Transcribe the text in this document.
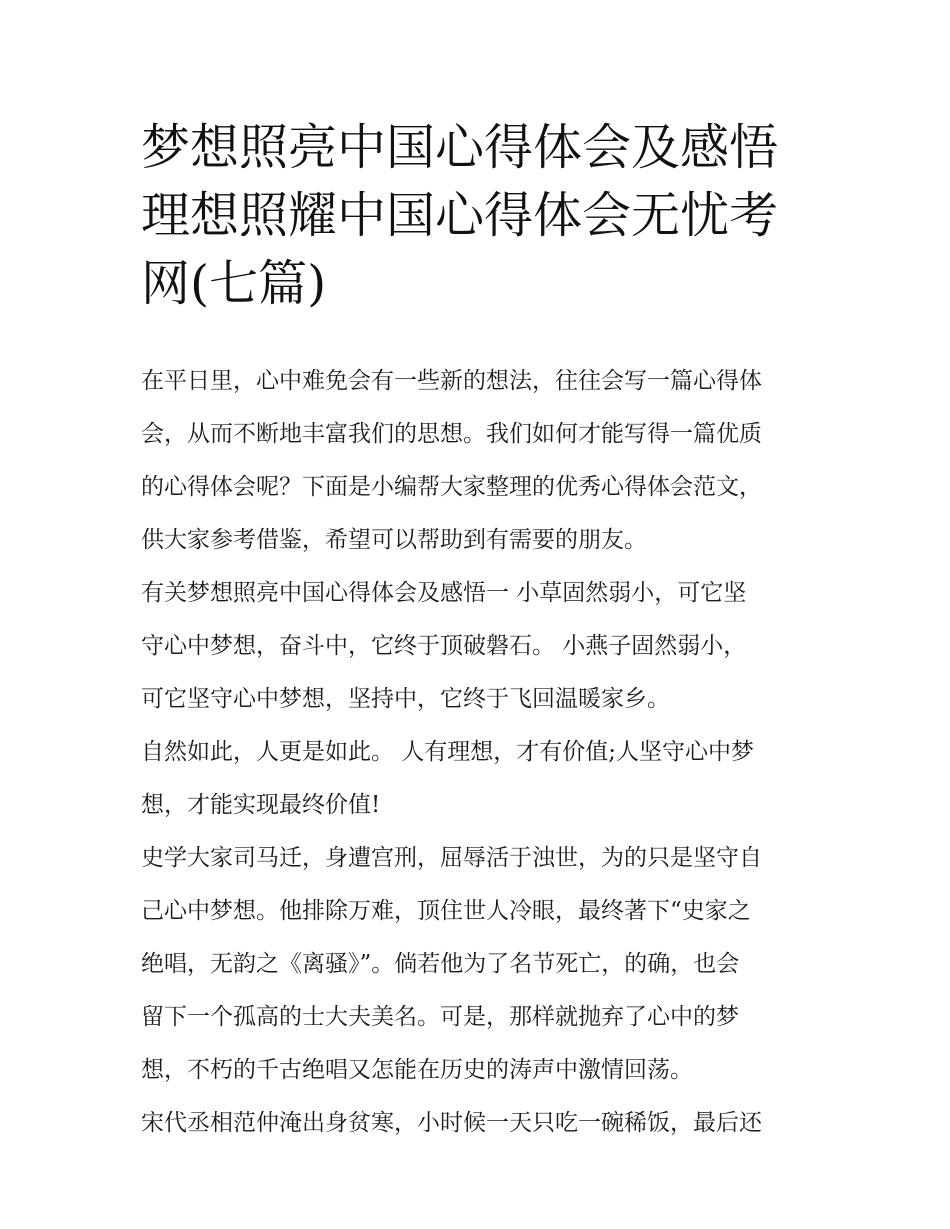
梦想照亮中国心得体会及感悟
理想照耀中国心得体会无忧考
网(七篇)
在平日里，心中难免会有一些新的想法，往往会写一篇心得体
会，从而不断地丰富我们的思想。我们如何才能写得一篇优质
的心得体会呢？下面是小编帮大家整理的优秀心得体会范文，
供大家参考借鉴，希望可以帮助到有需要的朋友。
有关梦想照亮中国心得体会及感悟一 小草固然弱小，可它坚
守心中梦想，奋斗中，它终于顶破磐石。 小燕子固然弱小，
可它坚守心中梦想，坚持中，它终于飞回温暖家乡。
自然如此，人更是如此。 人有理想，才有价值;人坚守心中梦
想，才能实现最终价值!
史学大家司马迁，身遭宫刑，屈辱活于浊世，为的只是坚守自
己心中梦想。他排除万难，顶住世人冷眼，最终著下“史家之
绝唱，无韵之《离骚》”。倘若他为了名节死亡，的确，也会
留下一个孤高的士大夫美名。可是，那样就抛弃了心中的梦
想，不朽的千古绝唱又怎能在历史的涛声中激情回荡。
宋代丞相范仲淹出身贫寒，小时候一天只吃一碗稀饭，最后还
